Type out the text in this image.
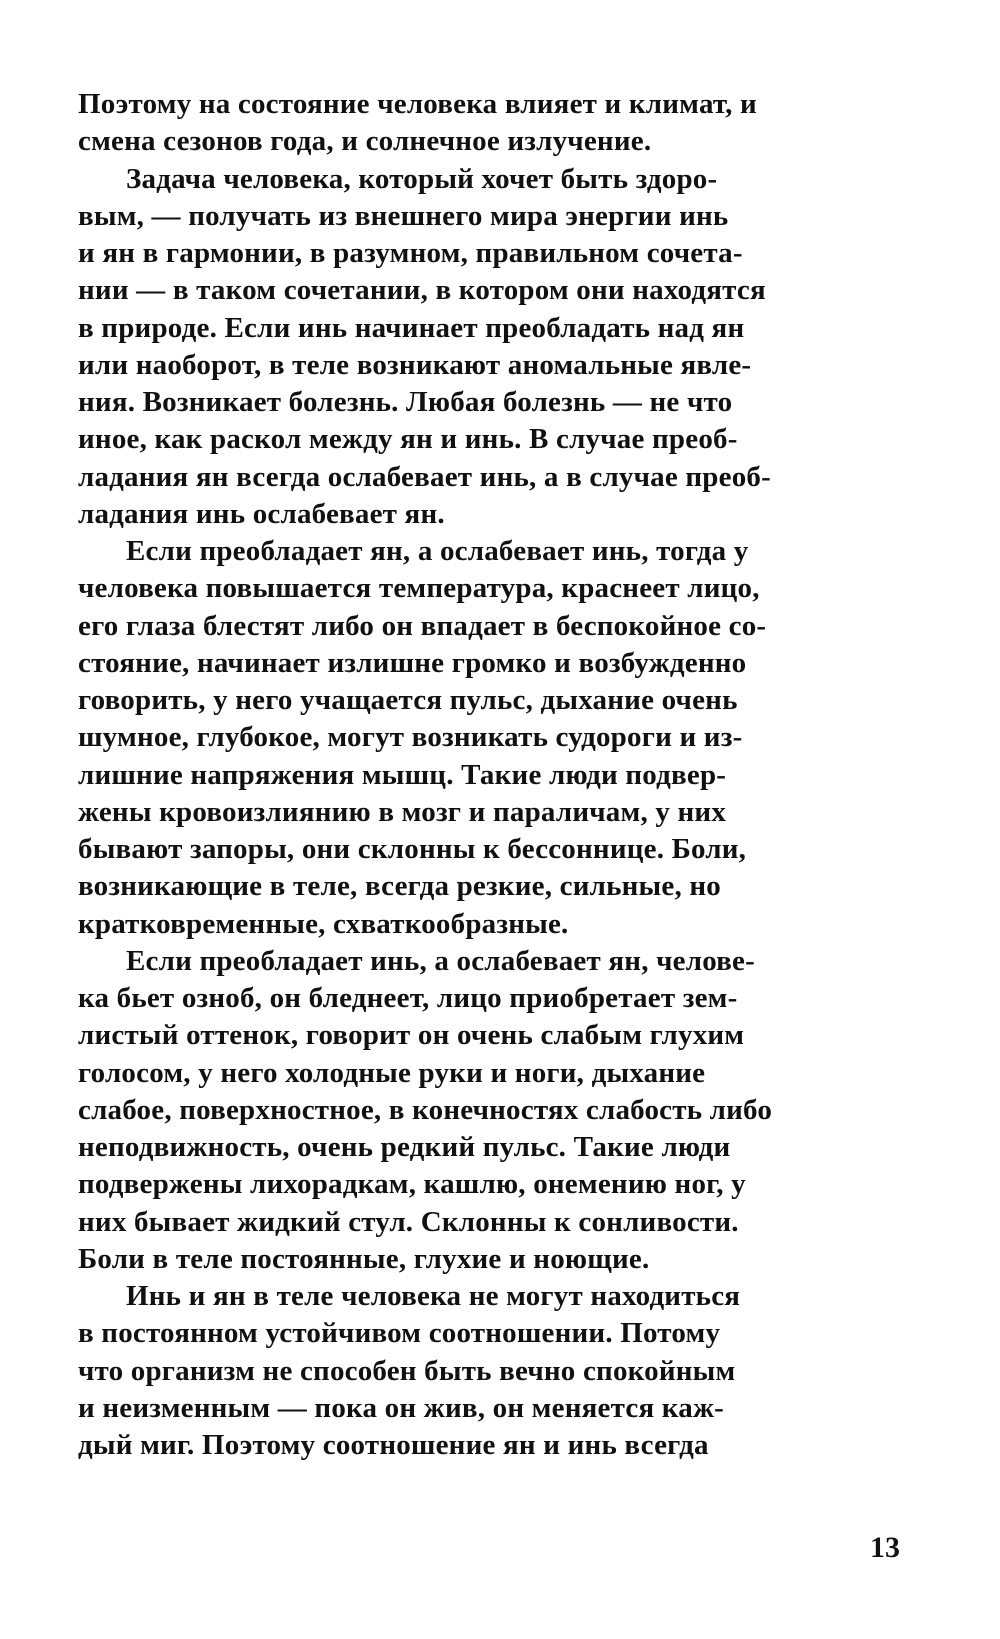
Поэтому на состояние человека влияет и климат, и
смена сезонов года, и солнечное излучение.
Задача человека, который хочет быть здоро-
вым, — получать из внешнего мира энергии инь
и ян в гармонии, в разумном, правильном сочета-
нии — в таком сочетании, в котором они находятся
в природе. Если инь начинает преобладать над ян
или наоборот, в теле возникают аномальные явле-
ния. Возникает болезнь. Любая болезнь — не что
иное, как раскол между ян и инь. В случае преоб-
ладания ян всегда ослабевает инь, а в случае преоб-
ладания инь ослабевает ян.
Если преобладает ян, а ослабевает инь, тогда у
человека повышается температура, краснеет лицо,
его глаза блестят либо он впадает в беспокойное со-
стояние, начинает излишне громко и возбужденно
говорить, у него учащается пульс, дыхание очень
шумное, глубокое, могут возникать судороги и из-
лишние напряжения мышц. Такие люди подвер-
жены кровоизлиянию в мозг и параличам, у них
бывают запоры, они склонны к бессоннице. Боли,
возникающие в теле, всегда резкие, сильные, но
кратковременные, схваткообразные.
Если преобладает инь, а ослабевает ян, челове-
ка бьет озноб, он бледнеет, лицо приобретает зем-
листый оттенок, говорит он очень слабым глухим
голосом, у него холодные руки и ноги, дыхание
слабое, поверхностное, в конечностях слабость либо
неподвижность, очень редкий пульс. Такие люди
подвержены лихорадкам, кашлю, онемению ног, у
них бывает жидкий стул. Склонны к сонливости.
Боли в теле постоянные, глухие и ноющие.
Инь и ян в теле человека не могут находиться
в постоянном устойчивом соотношении. Потому
что организм не способен быть вечно спокойным
и неизменным — пока он жив, он меняется каж-
дый миг. Поэтому соотношение ян и инь всегда
13
